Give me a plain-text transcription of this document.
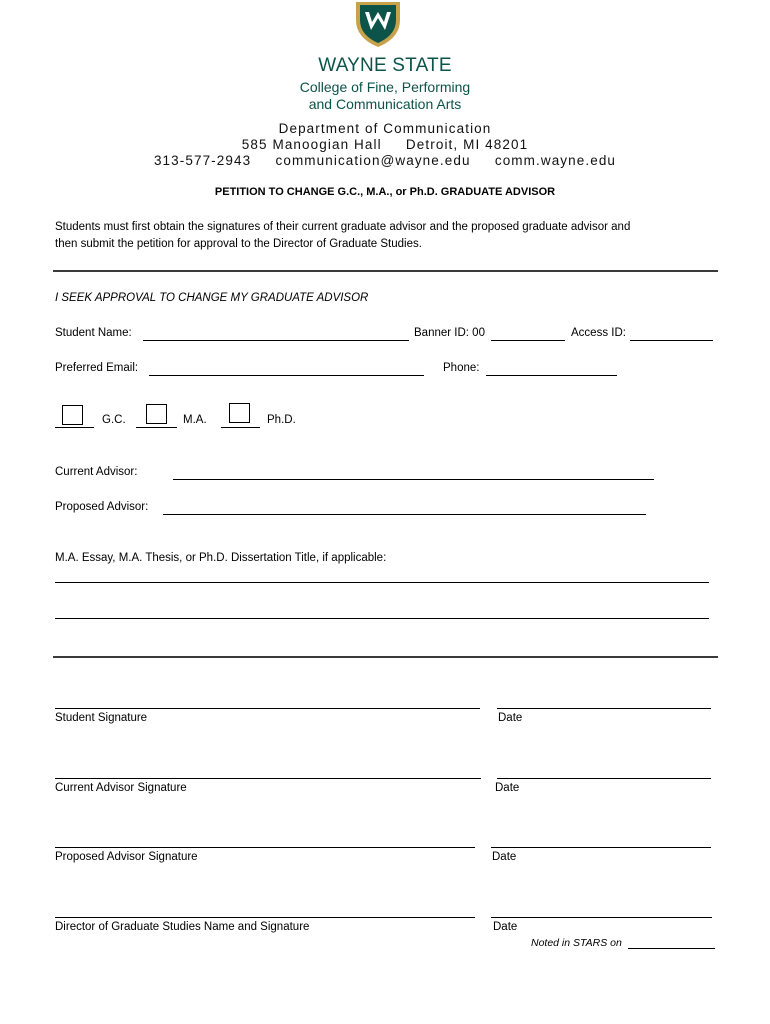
WAYNE STATE
College of Fine, Performing
and Communication Arts
Department of Communication
585 Manoogian Hall     Detroit, MI 48201
313-577-2943 communication@wayne.edu comm.wayne.edu
PETITION TO CHANGE G.C., M.A., or Ph.D. GRADUATE ADVISOR
Students must first obtain the signatures of their current graduate advisor and the proposed graduate advisor and
then submit the petition for approval to the Director of Graduate Studies.
I SEEK APPROVAL TO CHANGE MY GRADUATE ADVISOR
Student Name:	Banner ID: 00	Access ID:
Preferred Email:	Phone:
G.C.	M.A.	Ph.D.
Current Advisor:
Proposed Advisor:
M.A. Essay, M.A. Thesis, or Ph.D. Dissertation Title, if applicable:
Student Signature	Date
Current Advisor Signature	Date
Proposed Advisor Signature	Date
Director of Graduate Studies Name and Signature	Date
Noted in STARS on
